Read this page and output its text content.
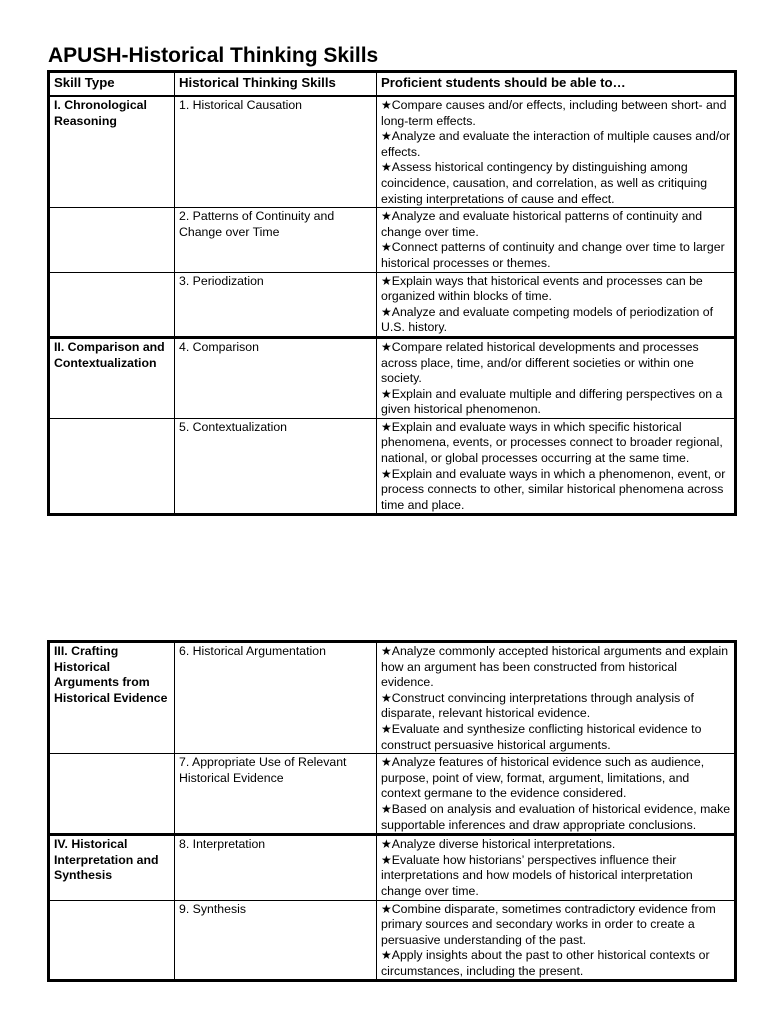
APUSH-Historical Thinking Skills
Skill Type	Historical Thinking Skills	Proficient students should be able to…
I. Chronological Reasoning	1. Historical Causation	★Compare causes and/or effects, including between short- and long-term effects.
★Analyze and evaluate the interaction of multiple causes and/or effects.
★Assess historical contingency by distinguishing among coincidence, causation, and correlation, as well as critiquing existing interpretations of cause and effect.

	2. Patterns of Continuity and Change over Time	★Analyze and evaluate historical patterns of continuity and change over time.
★Connect patterns of continuity and change over time to larger historical processes or themes.

	3. Periodization	★Explain ways that historical events and processes can be organized within blocks of time.
★Analyze and evaluate competing models of periodization of U.S. history.

II. Comparison and Contextualization	4. Comparison	★Compare related historical developments and processes across place, time, and/or different societies or within one society.
★Explain and evaluate multiple and differing perspectives on a given historical phenomenon.

	5. Contextualization	★Explain and evaluate ways in which specific historical phenomena, events, or processes connect to broader regional, national, or global processes occurring at the same time.
★Explain and evaluate ways in which a phenomenon, event, or process connects to other, similar historical phenomena across time and place.
III. Crafting Historical Arguments from Historical Evidence	6. Historical Argumentation	★Analyze commonly accepted historical arguments and explain how an argument has been constructed from historical evidence.
★Construct convincing interpretations through analysis of disparate, relevant historical evidence.
★Evaluate and synthesize conflicting historical evidence to construct persuasive historical arguments.

	7. Appropriate Use of Relevant Historical Evidence	★Analyze features of historical evidence such as audience, purpose, point of view, format, argument, limitations, and context germane to the evidence considered.
★Based on analysis and evaluation of historical evidence, make supportable inferences and draw appropriate conclusions.

IV. Historical Interpretation and Synthesis	8. Interpretation	★Analyze diverse historical interpretations.
★Evaluate how historians’ perspectives influence their interpretations and how models of historical interpretation change over time.

	9. Synthesis	★Combine disparate, sometimes contradictory evidence from primary sources and secondary works in order to create a persuasive understanding of the past.
★Apply insights about the past to other historical contexts or circumstances, including the present.
